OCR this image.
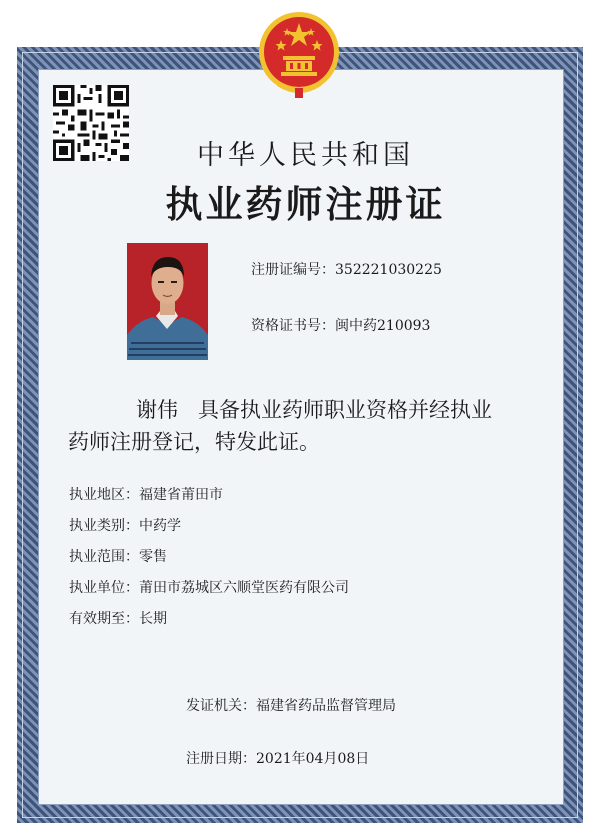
中华人民共和国
执业药师注册证
注册证编号：352221030225
资格证书号：闽中药210093
谢伟 具备执业药师职业资格并经执业
药师注册登记，特发此证。
执业地区：福建省莆田市
执业类别：中药学
执业范围：零售
执业单位：莆田市荔城区六顺堂医药有限公司
有效期至：长期
发证机关：福建省药品监督管理局
注册日期：2021年04月08日
